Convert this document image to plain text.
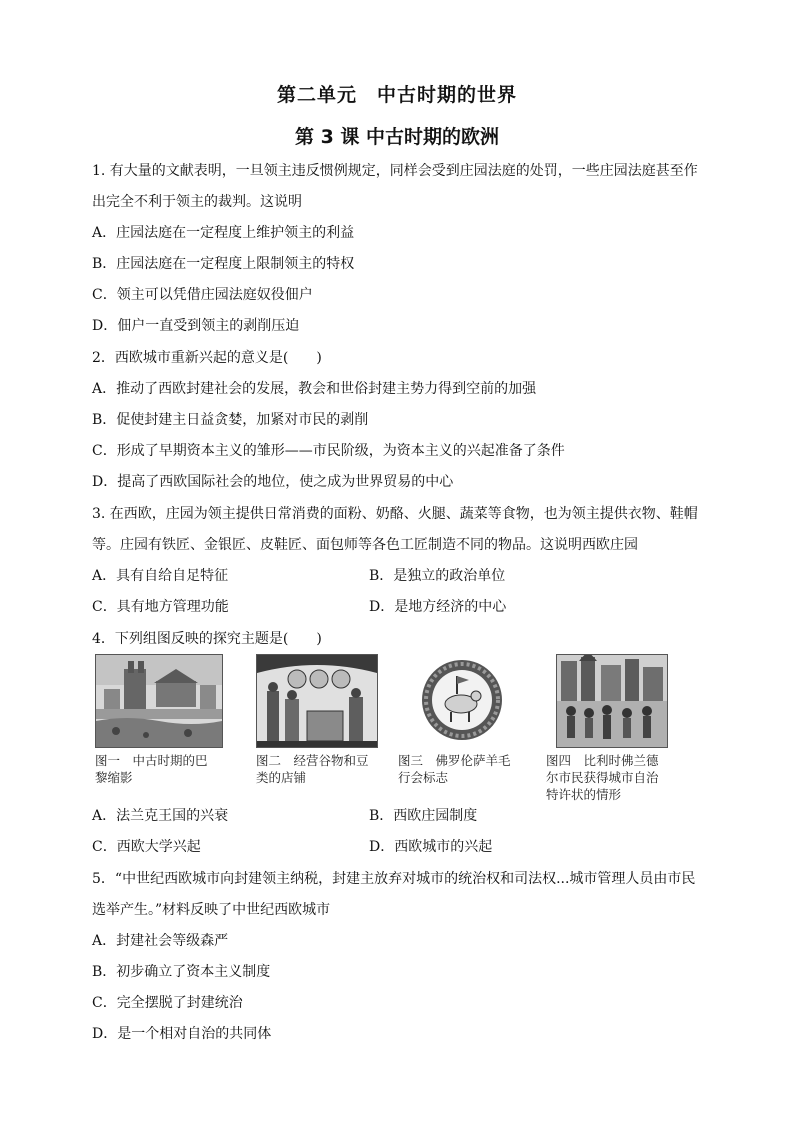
第二单元　中古时期的世界
第 3 课 中古时期的欧洲
1. 有大量的文献表明，一旦领主违反惯例规定，同样会受到庄园法庭的处罚，一些庄园法庭甚至作
出完全不利于领主的裁判。这说明
A．庄园法庭在一定程度上维护领主的利益
B．庄园法庭在一定程度上限制领主的特权
C．领主可以凭借庄园法庭奴役佃户
D．佃户一直受到领主的剥削压迫
2．西欧城市重新兴起的意义是(　　)
A．推动了西欧封建社会的发展，教会和世俗封建主势力得到空前的加强
B．促使封建主日益贪婪，加紧对市民的剥削
C．形成了早期资本主义的雏形——市民阶级，为资本主义的兴起准备了条件
D．提高了西欧国际社会的地位，使之成为世界贸易的中心
3. 在西欧，庄园为领主提供日常消费的面粉、奶酪、火腿、蔬菜等食物，也为领主提供衣物、鞋帽
等。庄园有铁匠、金银匠、皮鞋匠、面包师等各色工匠制造不同的物品。这说明西欧庄园
A．具有自给自足特征	B．是独立的政治单位
C．具有地方管理功能	D．是地方经济的中心
4．下列组图反映的探究主题是(　　)
图一　中古时期的巴
黎缩影
图二　经营谷物和豆
类的店铺
图三　佛罗伦萨羊毛
行会标志
图四　比利时佛兰德
尔市民获得城市自治
特许状的情形
A．法兰克王国的兴衰	B．西欧庄园制度
C．西欧大学兴起	D．西欧城市的兴起
5．“中世纪西欧城市向封建领主纳税，封建主放弃对城市的统治权和司法权...城市管理人员由市民
选举产生。”材料反映了中世纪西欧城市
A．封建社会等级森严
B．初步确立了资本主义制度
C．完全摆脱了封建统治
D．是一个相对自治的共同体
